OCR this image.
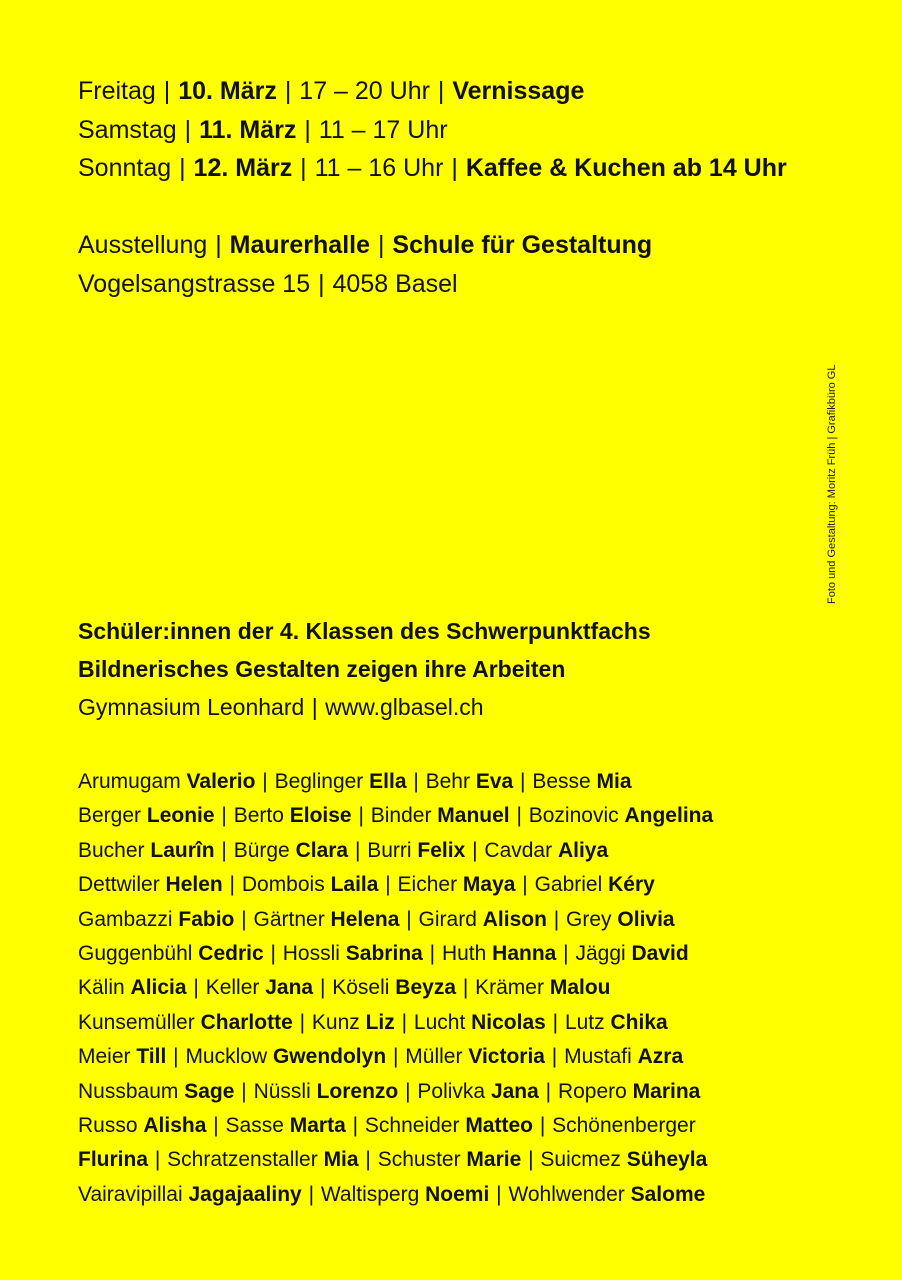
Freitag | 10. März | 17 – 20 Uhr | Vernissage
Samstag | 11. März | 11 – 17 Uhr
Sonntag | 12. März | 11 – 16 Uhr | Kaffee & Kuchen ab 14 Uhr
Ausstellung | Maurerhalle | Schule für Gestaltung
Vogelsangstrasse 15 | 4058 Basel
Foto und Gestaltung: Moritz Früh | Grafikbüro GL
Schüler:innen der 4. Klassen des Schwerpunktfachs
Bildnerisches Gestalten zeigen ihre Arbeiten
Gymnasium Leonhard | www.glbasel.ch
Arumugam Valerio | Beglinger Ella | Behr Eva | Besse Mia
Berger Leonie | Berto Eloise | Binder Manuel | Bozinovic Angelina
Bucher Laurîn | Bürge Clara | Burri Felix | Cavdar Aliya
Dettwiler Helen | Dombois Laila | Eicher Maya | Gabriel Kéry
Gambazzi Fabio | Gärtner Helena | Girard Alison | Grey Olivia
Guggenbühl Cedric | Hossli Sabrina | Huth Hanna | Jäggi David
Kälin Alicia | Keller Jana | Köseli Beyza | Krämer Malou
Kunsemüller Charlotte | Kunz Liz | Lucht Nicolas | Lutz Chika
Meier Till | Mucklow Gwendolyn | Müller Victoria | Mustafi Azra
Nussbaum Sage | Nüssli Lorenzo | Polivka Jana | Ropero Marina
Russo Alisha | Sasse Marta | Schneider Matteo | Schönenberger
Flurina | Schratzenstaller Mia | Schuster Marie | Suicmez Süheyla
Vairavipillai Jagajaaliny | Waltisperg Noemi | Wohlwender Salome
